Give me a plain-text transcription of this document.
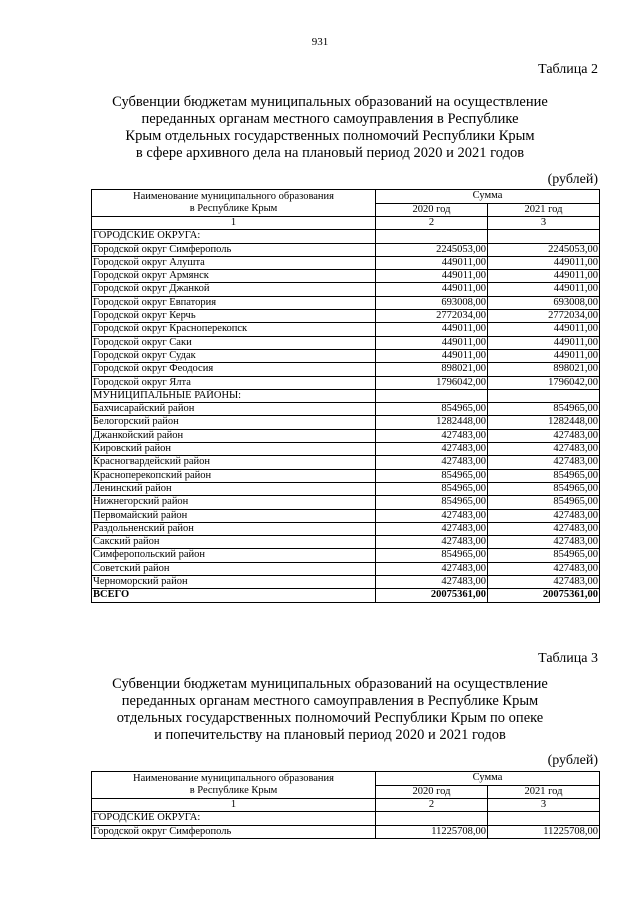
931
Таблица 2
Субвенции бюджетам муниципальных образований на осуществление
переданных органам местного самоуправления в Республике
Крым отдельных государственных полномочий Республики Крым
в сфере архивного дела на плановый период 2020 и 2021 годов
(рублей)
Наименование муниципального образования
в Республике Крым	Сумма	
	2020 год	2021 год
1	2	3
ГОРОДСКИЕ ОКРУГА:		
Городской округ Симферополь	2245053,00	2245053,00
Городской округ Алушта	449011,00	449011,00
Городской округ Армянск	449011,00	449011,00
Городской округ Джанкой	449011,00	449011,00
Городской округ Евпатория	693008,00	693008,00
Городской округ Керчь	2772034,00	2772034,00
Городской округ Красноперекопск	449011,00	449011,00
Городской округ Саки	449011,00	449011,00
Городской округ Судак	449011,00	449011,00
Городской округ Феодосия	898021,00	898021,00
Городской округ Ялта	1796042,00	1796042,00
МУНИЦИПАЛЬНЫЕ РАЙОНЫ:		
Бахчисарайский район	854965,00	854965,00
Белогорский район	1282448,00	1282448,00
Джанкойский район	427483,00	427483,00
Кировский район	427483,00	427483,00
Красногвардейский район	427483,00	427483,00
Красноперекопский район	854965,00	854965,00
Ленинский район	854965,00	854965,00
Нижнегорский район	854965,00	854965,00
Первомайский район	427483,00	427483,00
Раздольненский район	427483,00	427483,00
Сакский район	427483,00	427483,00
Симферопольский район	854965,00	854965,00
Советский район	427483,00	427483,00
Черноморский район	427483,00	427483,00
ВСЕГО	20075361,00	20075361,00
Таблица 3
Субвенции бюджетам муниципальных образований на осуществление
переданных органам местного самоуправления в Республике Крым
отдельных государственных полномочий Республики Крым по опеке
и попечительству на плановый период 2020 и 2021 годов
(рублей)
Наименование муниципального образования
в Республике Крым	Сумма	
	2020 год	2021 год
1	2	3
ГОРОДСКИЕ ОКРУГА:		
Городской округ Симферополь	11225708,00	11225708,00
